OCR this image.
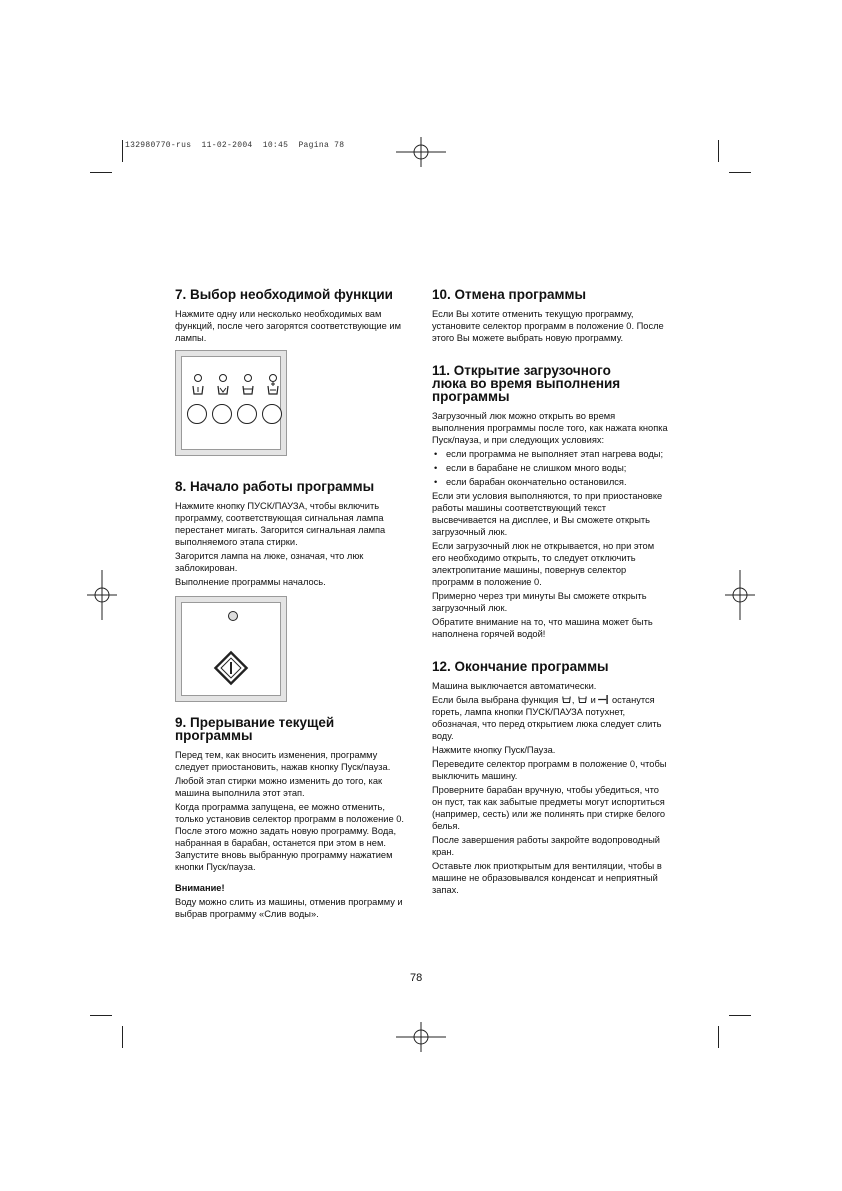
132980770-rus 11-02-2004 10:45 Pagina 78
7. Выбор необходимой функции

Нажмите одну или несколько необходимых вам функций, после чего загорятся соответствующие им лампы.

8. Начало работы программы

Нажмите кнопку ПУСК/ПАУЗА, чтобы включить программу, соответствующая сигнальная лампа перестанет мигать. Загорится сигнальная лампа выполняемого этапа стирки.

Загорится лампа на люке, означая, что люк заблокирован.

Выполнение программы началось.

9. Прерывание текущей программы

Перед тем, как вносить изменения, программу следует приостановить, нажав кнопку Пуск/пауза.

Любой этап стирки можно изменить до того, как машина выполнила этот этап.

Когда программа запущена, ее можно отменить, только установив селектор программ в положение 0. После этого можно задать новую программу. Вода, набранная в барабан, останется при этом в нем. Запустите вновь выбранную программу нажатием кнопки Пуск/пауза.

Внимание!

Воду можно слить из машины, отменив программу и выбрав программу «Слив воды».

10. Отмена программы

Если Вы хотите отменить текущую программу, установите селектор программ в положение 0. После этого Вы можете выбрать новую программу.

11. Открытие загрузочного люка во время выполнения программы

Загрузочный люк можно открыть во время выполнения программы после того, как нажата кнопка Пуск/пауза, и при следующих условиях:

• если программа не выполняет этап нагрева воды;
• если в барабане не слишком много воды;
• если барабан окончательно остановился.

Если эти условия выполняются, то при приостановке работы машины соответствующий текст высвечивается на дисплее, и Вы сможете открыть загрузочный люк.

Если загрузочный люк не открывается, но при этом его необходимо открыть, то следует отключить электропитание машины, повернув селектор программ в положение 0.

Примерно через три минуты Вы сможете открыть загрузочный люк.

Обратите внимание на то, что машина может быть наполнена горячей водой!

12. Окончание программы

Машина выключается автоматически.

Если была выбрана функция ,  и  останутся гореть, лампа кнопки ПУСК/ПАУЗА потухнет, обозначая, что перед открытием люка следует слить воду.

Нажмите кнопку Пуск/Пауза.

Переведите селектор программ в положение 0, чтобы выключить машину.

Проверните барабан вручную, чтобы убедиться, что он пуст, так как забытые предметы могут испортиться (например, сесть) или же полинять при стирке белого белья.

После завершения работы закройте водопроводный кран.

Оставьте люк приоткрытым для вентиляции, чтобы в машине не образовывался конденсат и неприятный запах.

78
